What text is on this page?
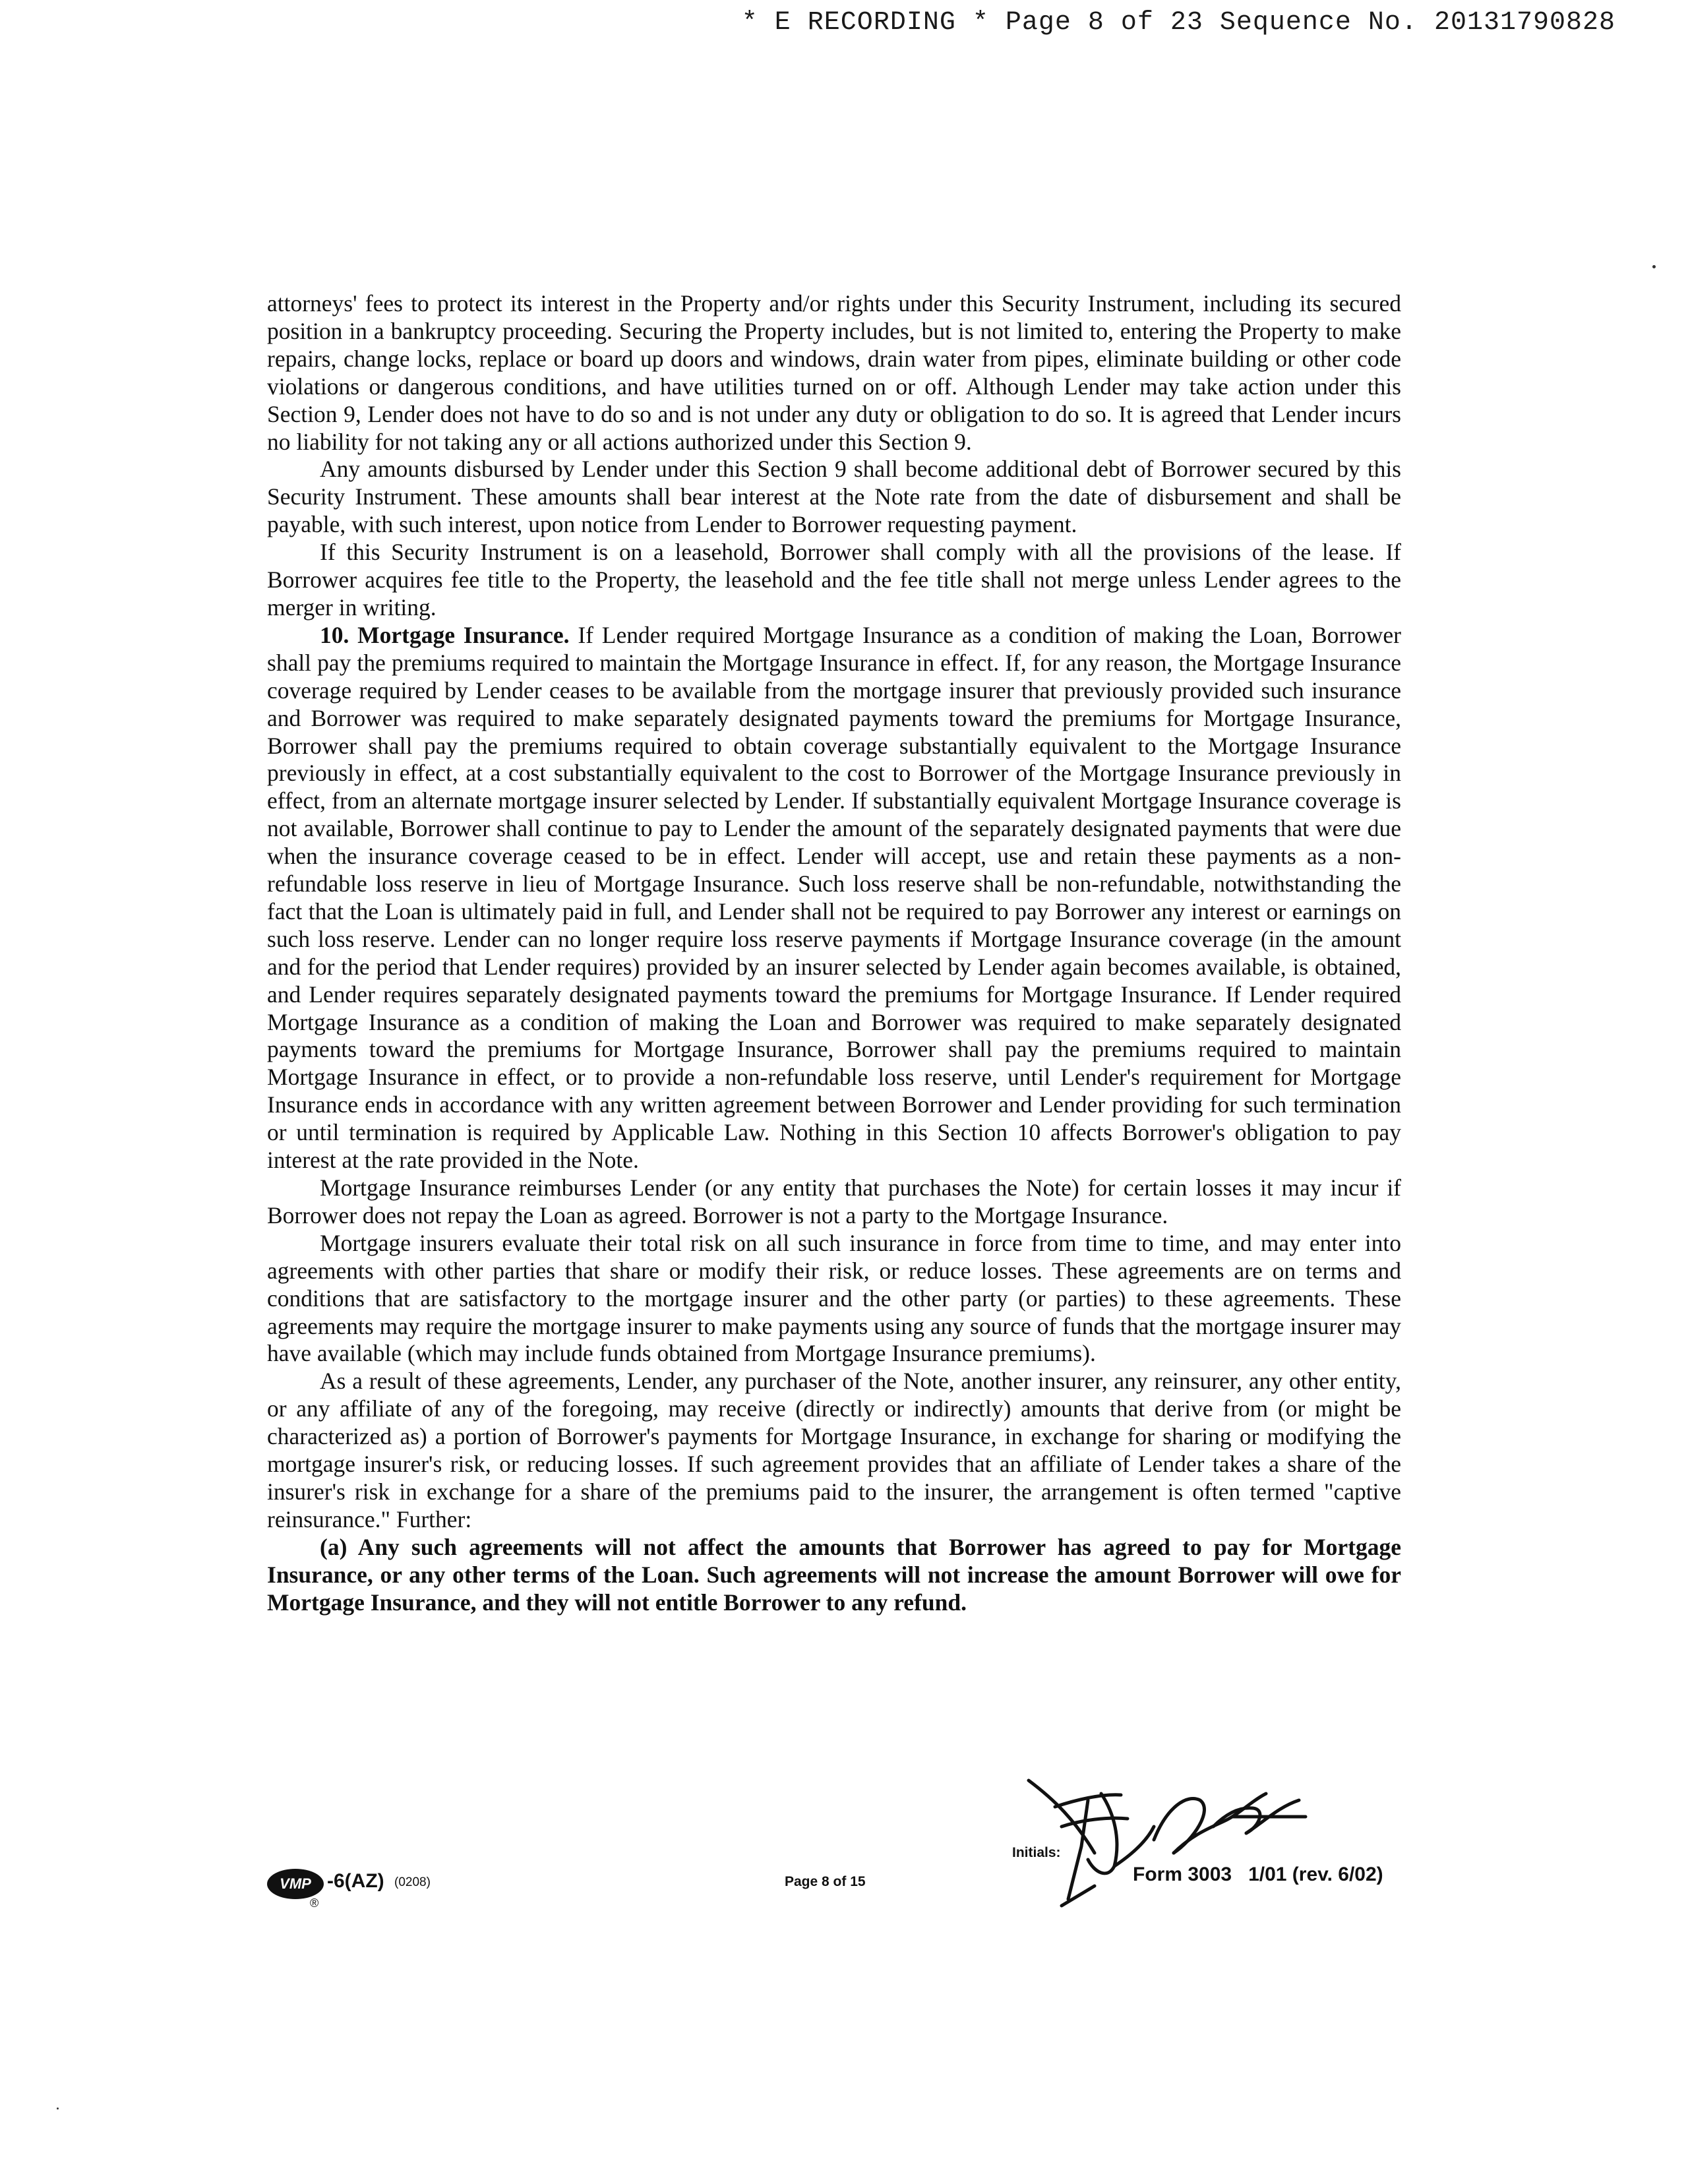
* E RECORDING * Page 8 of 23 Sequence No. 20131790828

attorneys' fees to protect its interest in the Property and/or rights under this Security Instrument, including its secured position in a bankruptcy proceeding. Securing the Property includes, but is not limited to, entering the Property to make repairs, change locks, replace or board up doors and windows, drain water from pipes, eliminate building or other code violations or dangerous conditions, and have utilities turned on or off. Although Lender may take action under this Section 9, Lender does not have to do so and is not under any duty or obligation to do so. It is agreed that Lender incurs no liability for not taking any or all actions authorized under this Section 9.

Any amounts disbursed by Lender under this Section 9 shall become additional debt of Borrower secured by this Security Instrument. These amounts shall bear interest at the Note rate from the date of disbursement and shall be payable, with such interest, upon notice from Lender to Borrower requesting payment.

If this Security Instrument is on a leasehold, Borrower shall comply with all the provisions of the lease. If Borrower acquires fee title to the Property, the leasehold and the fee title shall not merge unless Lender agrees to the merger in writing.

10. Mortgage Insurance. If Lender required Mortgage Insurance as a condition of making the Loan, Borrower shall pay the premiums required to maintain the Mortgage Insurance in effect. If, for any reason, the Mortgage Insurance coverage required by Lender ceases to be available from the mortgage insurer that previously provided such insurance and Borrower was required to make separately designated payments toward the premiums for Mortgage Insurance, Borrower shall pay the premiums required to obtain coverage substantially equivalent to the Mortgage Insurance previously in effect, at a cost substantially equivalent to the cost to Borrower of the Mortgage Insurance previously in effect, from an alternate mortgage insurer selected by Lender. If substantially equivalent Mortgage Insurance coverage is not available, Borrower shall continue to pay to Lender the amount of the separately designated payments that were due when the insurance coverage ceased to be in effect. Lender will accept, use and retain these payments as a non-refundable loss reserve in lieu of Mortgage Insurance. Such loss reserve shall be non-refundable, notwithstanding the fact that the Loan is ultimately paid in full, and Lender shall not be required to pay Borrower any interest or earnings on such loss reserve. Lender can no longer require loss reserve payments if Mortgage Insurance coverage (in the amount and for the period that Lender requires) provided by an insurer selected by Lender again becomes available, is obtained, and Lender requires separately designated payments toward the premiums for Mortgage Insurance. If Lender required Mortgage Insurance as a condition of making the Loan and Borrower was required to make separately designated payments toward the premiums for Mortgage Insurance, Borrower shall pay the premiums required to maintain Mortgage Insurance in effect, or to provide a non-refundable loss reserve, until Lender's requirement for Mortgage Insurance ends in accordance with any written agreement between Borrower and Lender providing for such termination or until termination is required by Applicable Law. Nothing in this Section 10 affects Borrower's obligation to pay interest at the rate provided in the Note.

Mortgage Insurance reimburses Lender (or any entity that purchases the Note) for certain losses it may incur if Borrower does not repay the Loan as agreed. Borrower is not a party to the Mortgage Insurance.

Mortgage insurers evaluate their total risk on all such insurance in force from time to time, and may enter into agreements with other parties that share or modify their risk, or reduce losses. These agreements are on terms and conditions that are satisfactory to the mortgage insurer and the other party (or parties) to these agreements. These agreements may require the mortgage insurer to make payments using any source of funds that the mortgage insurer may have available (which may include funds obtained from Mortgage Insurance premiums).

As a result of these agreements, Lender, any purchaser of the Note, another insurer, any reinsurer, any other entity, or any affiliate of any of the foregoing, may receive (directly or indirectly) amounts that derive from (or might be characterized as) a portion of Borrower's payments for Mortgage Insurance, in exchange for sharing or modifying the mortgage insurer's risk, or reducing losses. If such agreement provides that an affiliate of Lender takes a share of the insurer's risk in exchange for a share of the premiums paid to the insurer, the arrangement is often termed "captive reinsurance." Further:

(a) Any such agreements will not affect the amounts that Borrower has agreed to pay for Mortgage Insurance, or any other terms of the Loan. Such agreements will not increase the amount Borrower will owe for Mortgage Insurance, and they will not entitle Borrower to any refund.

Initials:
VMP
®
-6(AZ) (0208)	Page 8 of 15	Form 3003   1/01 (rev. 6/02)
